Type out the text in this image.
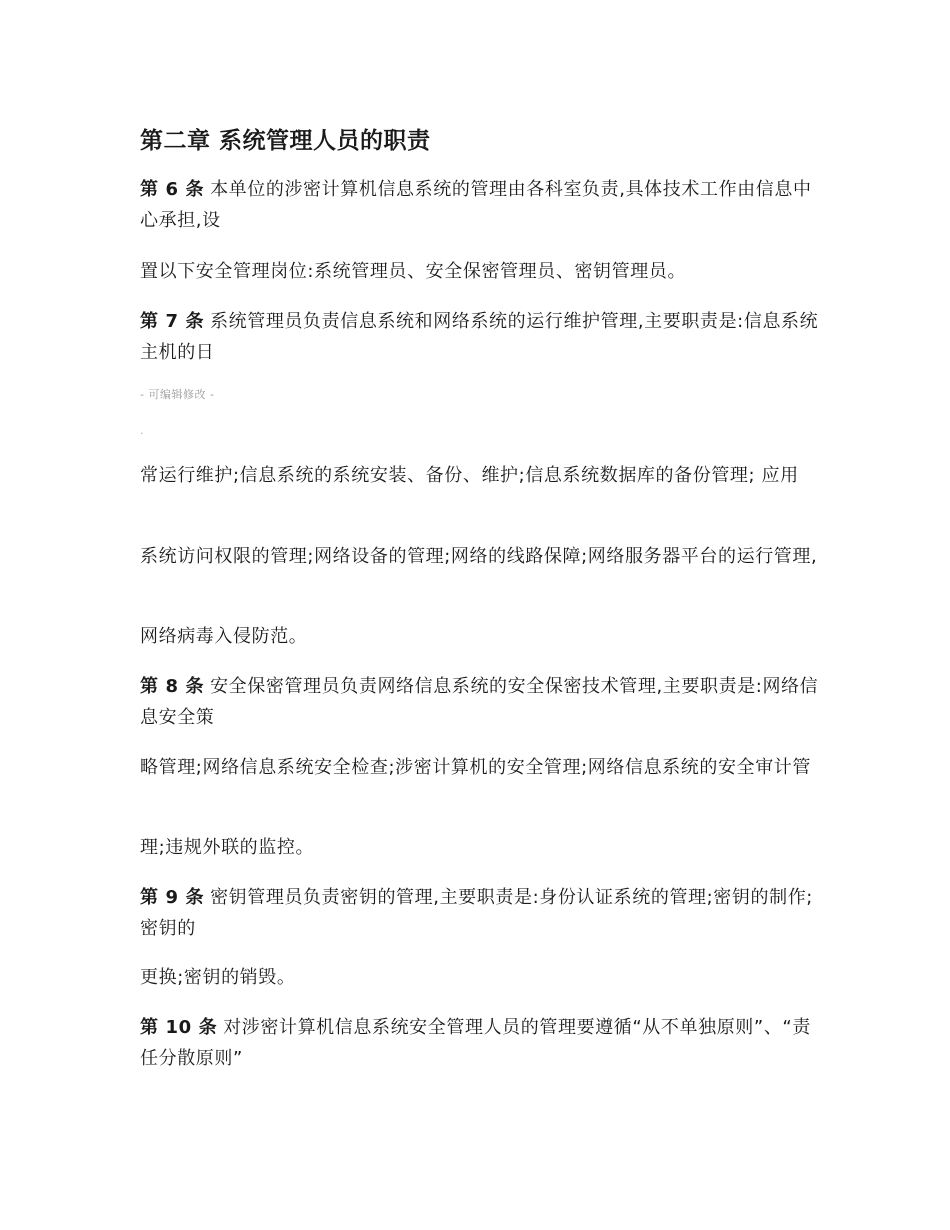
第二章 系统管理人员的职责

第 6 条 本单位的涉密计算机信息系统的管理由各科室负责,具体技术工作由信息中心承担,设

置以下安全管理岗位:系统管理员、安全保密管理员、密钥管理员。

第 7 条 系统管理员负责信息系统和网络系统的运行维护管理,主要职责是:信息系统主机的日

- 可编辑修改 -
.

常运行维护;信息系统的系统安装、备份、维护;信息系统数据库的备份管理; 应用

系统访问权限的管理;网络设备的管理;网络的线路保障;网络服务器平台的运行管理,

网络病毒入侵防范。

第 8 条 安全保密管理员负责网络信息系统的安全保密技术管理,主要职责是:网络信息安全策

略管理;网络信息系统安全检查;涉密计算机的安全管理;网络信息系统的安全审计管

理;违规外联的监控。

第 9 条 密钥管理员负责密钥的管理,主要职责是:身份认证系统的管理;密钥的制作;密钥的

更换;密钥的销毁。

第 10 条 对涉密计算机信息系统安全管理人员的管理要遵循“从不单独原则”、“责任分散原则”
